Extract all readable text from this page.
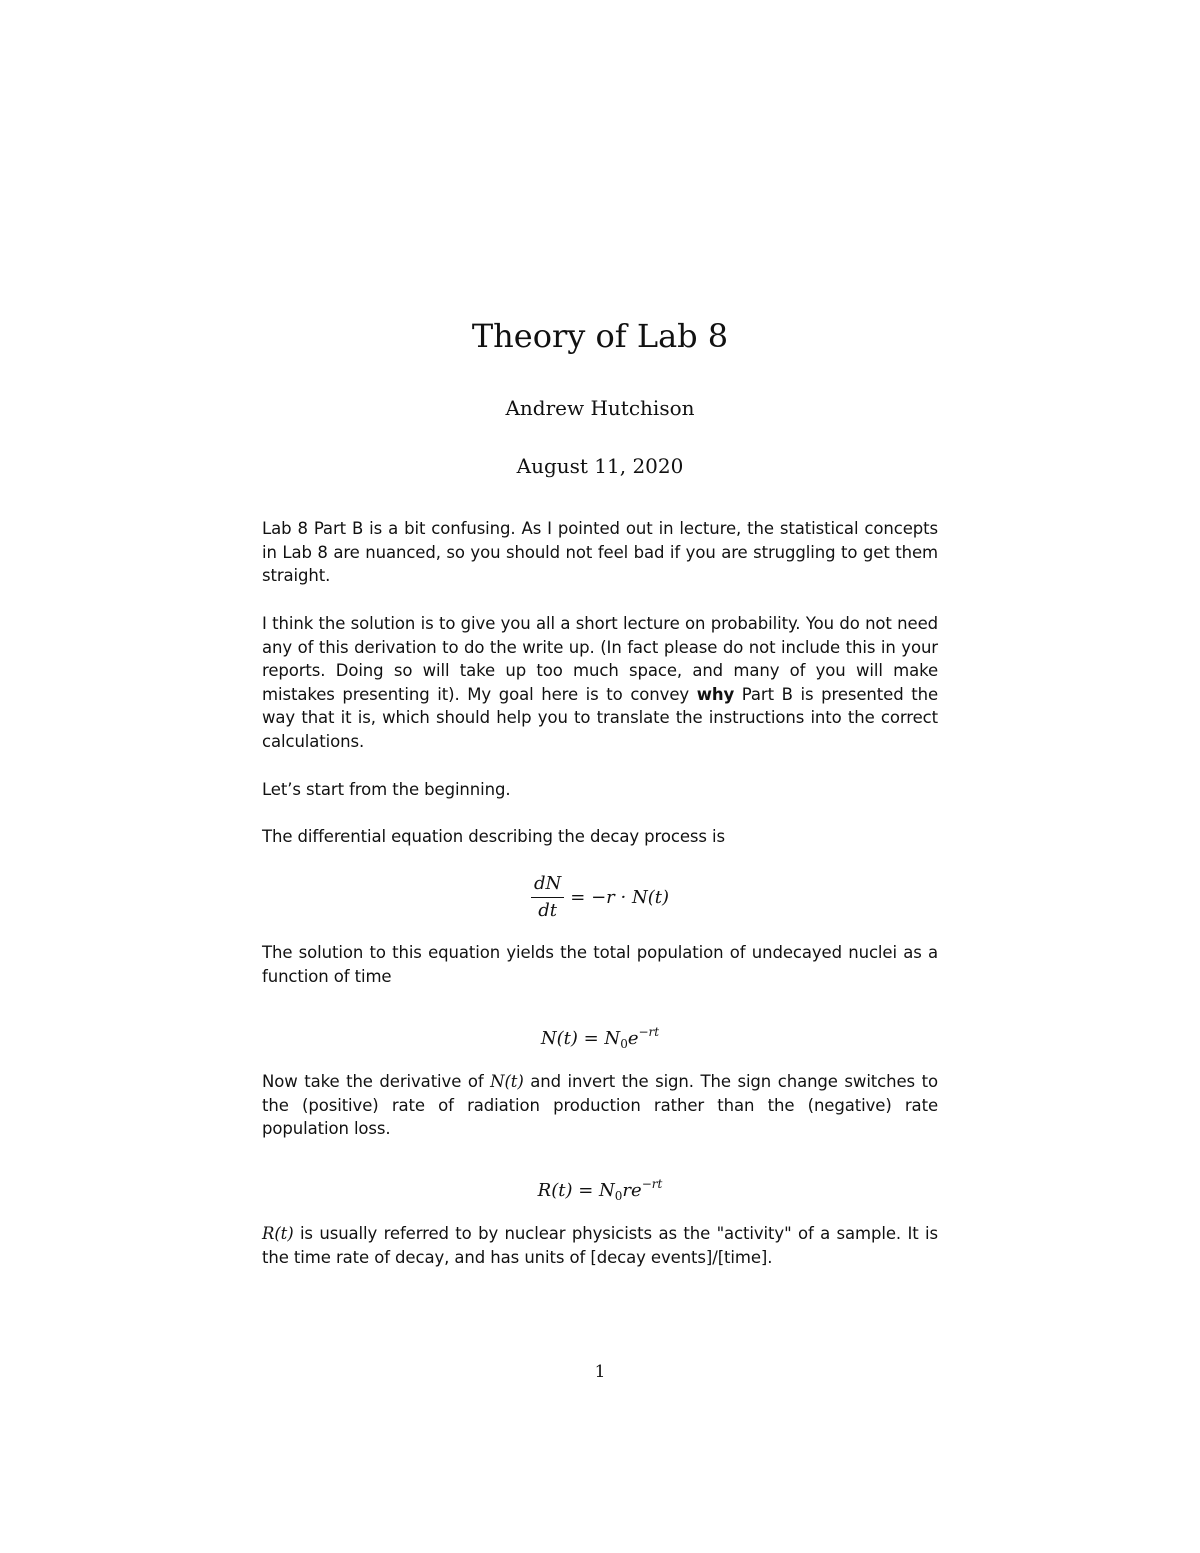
Theory of Lab 8
Andrew Hutchison
August 11, 2020
Lab 8 Part B is a bit confusing. As I pointed out in lecture, the statistical concepts in Lab 8 are nuanced, so you should not feel bad if you are struggling to get them straight.
I think the solution is to give you all a short lecture on probability. You do not need any of this derivation to do the write up. (In fact please do not include this in your reports. Doing so will take up too much space, and many of you will make mistakes presenting it). My goal here is to convey why Part B is presented the way that it is, which should help you to translate the instructions into the correct calculations.
Let’s start from the beginning.
The differential equation describing the decay process is
$\frac{dN}{dt} = -r \cdot N(t)$
The solution to this equation yields the total population of undecayed nuclei as a function of time
$N(t) = N_0e^{-rt}$
Now take the derivative of N(t) and invert the sign. The sign change switches to the (positive) rate of radiation production rather than the (negative) rate population loss.
$R(t) = N_0re^{-rt}$
R(t) is usually referred to by nuclear physicists as the "activity" of a sample. It is the time rate of decay, and has units of [decay events]/[time].
1
